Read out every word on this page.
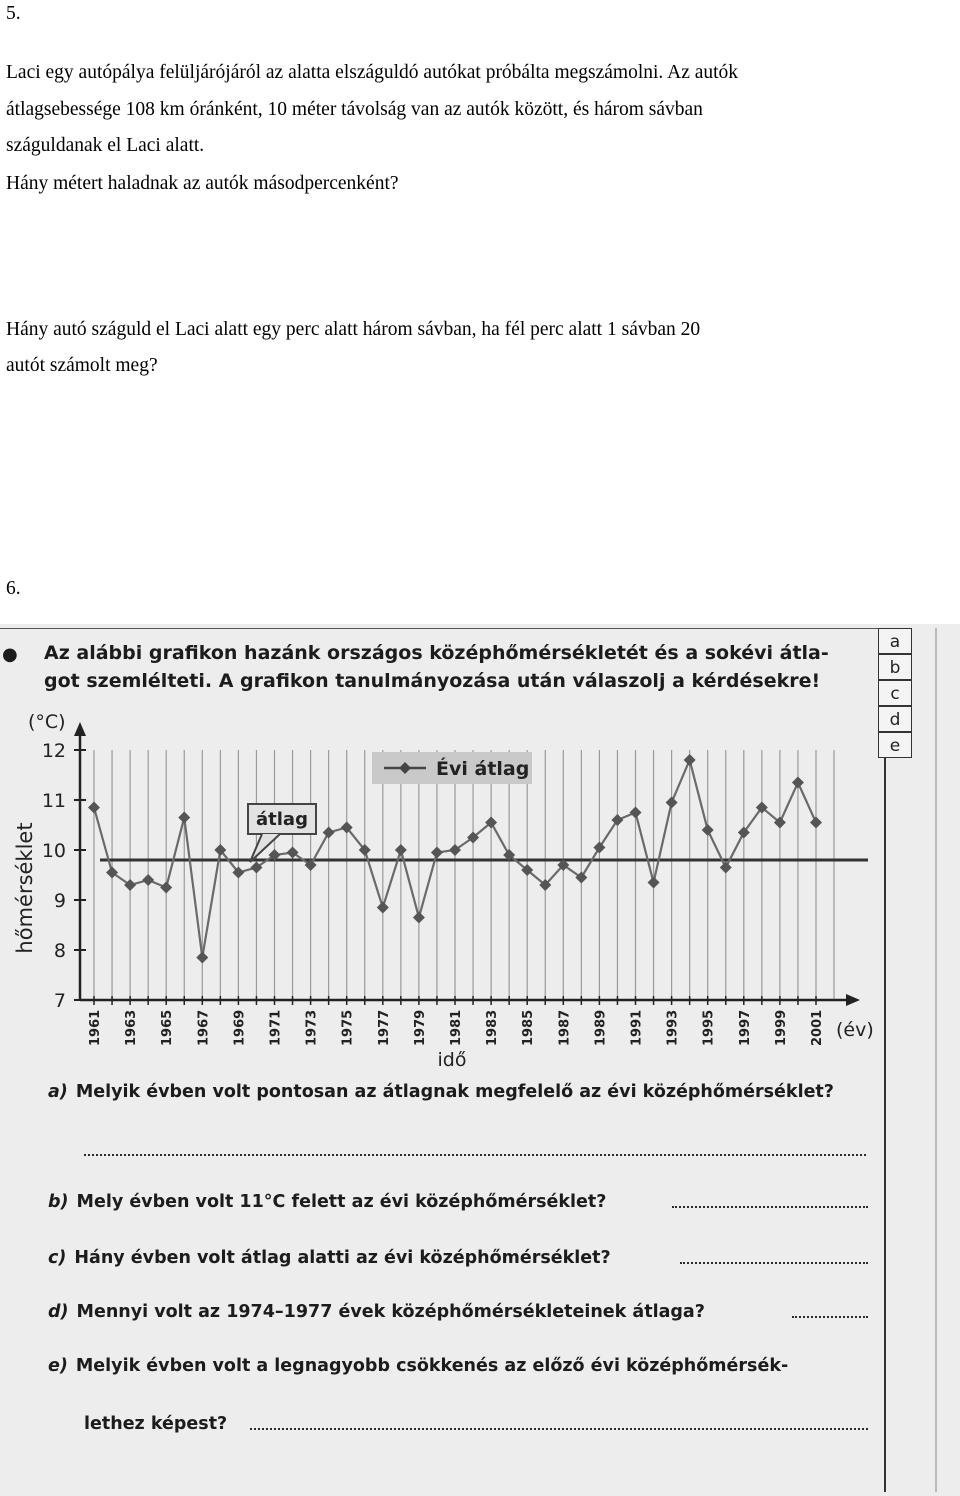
5.
Laci egy autópálya felüljárójáról az alatta elszáguldó autókat próbálta megszámolni. Az autók
átlagsebessége 108 km óránként, 10 méter távolság van az autók között, és három sávban
száguldanak el Laci alatt.
Hány métert haladnak az autók másodpercenként?
Hány autó száguld el Laci alatt egy perc alatt három sávban, ha fél perc alatt 1 sávban 20
autót számolt meg?
6.
a
b
c
d
e
● Az alábbi grafikon hazánk országos középhőmérsékletét és a sokévi átla-
got szemlélteti. A grafikon tanulmányozása után válaszolj a kérdésekre!
7
8
9
10
11
12
1961 1963 1965 1967 1969 1971 1973 1975 1977 1979 1981 1983 1985 1987 1989 1991 1993 1995 1997 1999 2001
Évi átlag
átlag
(°C)
hőmérséklet
(év)
idő
a) Melyik évben volt pontosan az átlagnak megfelelő az évi középhőmérséklet?
b) Mely évben volt 11°C felett az évi középhőmérséklet?
c) Hány évben volt átlag alatti az évi középhőmérséklet?
d) Mennyi volt az 1974–1977 évek középhőmérsékleteinek átlaga?
e) Melyik évben volt a legnagyobb csökkenés az előző évi középhőmérsék-
lethez képest?
